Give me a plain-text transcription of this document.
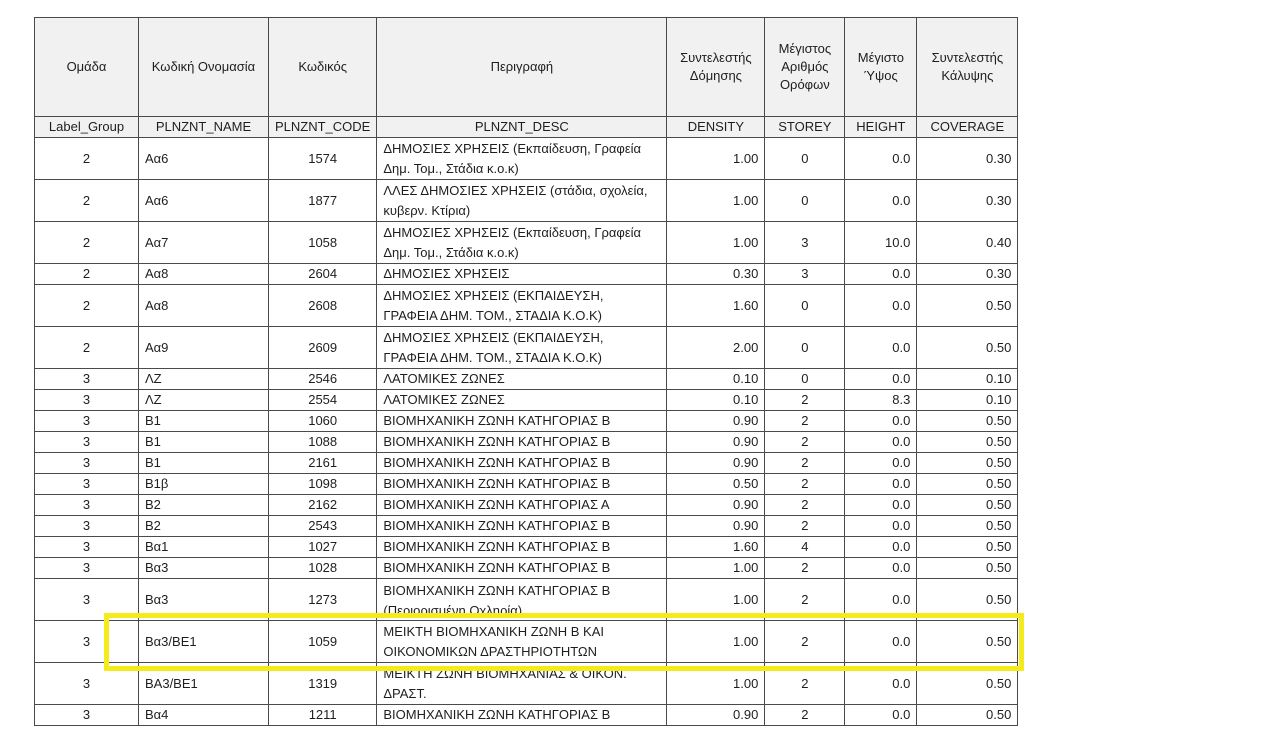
Ομάδα	Κωδική Ονομασία	Κωδικός	Περιγραφή	Συντελεστής Δόμησης	Μέγιστος Αριθμός Ορόφων	Μέγιστο Ύψος	Συντελεστής Κάλυψης
Label_Group	PLNZNT_NAME	PLNZNT_CODE	PLNZNT_DESC	DENSITY	STOREY	HEIGHT	COVERAGE
2	Αα6	1574	ΔΗΜΟΣΙΕΣ ΧΡΗΣΕΙΣ (Εκπαίδευση, Γραφεία Δημ. Τομ., Στάδια κ.ο.κ)	1.00	0	0.0	0.30
2	Αα6	1877	ΛΛΕΣ ΔΗΜΟΣΙΕΣ ΧΡΗΣΕΙΣ (στάδια, σχολεία, κυβερν. Κτίρια)	1.00	0	0.0	0.30
2	Αα7	1058	ΔΗΜΟΣΙΕΣ ΧΡΗΣΕΙΣ (Εκπαίδευση, Γραφεία Δημ. Τομ., Στάδια κ.ο.κ)	1.00	3	10.0	0.40
2	Αα8	2604	ΔΗΜΟΣΙΕΣ ΧΡΗΣΕΙΣ	0.30	3	0.0	0.30
2	Αα8	2608	ΔΗΜΟΣΙΕΣ ΧΡΗΣΕΙΣ (ΕΚΠΑΙΔΕΥΣΗ, ΓΡΑΦΕΙΑ ΔΗΜ. ΤΟΜ., ΣΤΑΔΙΑ Κ.Ο.Κ)	1.60	0	0.0	0.50
2	Αα9	2609	ΔΗΜΟΣΙΕΣ ΧΡΗΣΕΙΣ (ΕΚΠΑΙΔΕΥΣΗ, ΓΡΑΦΕΙΑ ΔΗΜ. ΤΟΜ., ΣΤΑΔΙΑ Κ.Ο.Κ)	2.00	0	0.0	0.50
3	ΛΖ	2546	ΛΑΤΟΜΙΚΕΣ ΖΩΝΕΣ	0.10	0	0.0	0.10
3	ΛΖ	2554	ΛΑΤΟΜΙΚΕΣ ΖΩΝΕΣ	0.10	2	8.3	0.10
3	Β1	1060	ΒΙΟΜΗΧΑΝΙΚΗ ΖΩΝΗ ΚΑΤΗΓΟΡΙΑΣ Β	0.90	2	0.0	0.50
3	Β1	1088	ΒΙΟΜΗΧΑΝΙΚΗ ΖΩΝΗ ΚΑΤΗΓΟΡΙΑΣ Β	0.90	2	0.0	0.50
3	Β1	2161	ΒΙΟΜΗΧΑΝΙΚΗ ΖΩΝΗ ΚΑΤΗΓΟΡΙΑΣ Β	0.90	2	0.0	0.50
3	Β1β	1098	ΒΙΟΜΗΧΑΝΙΚΗ ΖΩΝΗ ΚΑΤΗΓΟΡΙΑΣ Β	0.50	2	0.0	0.50
3	Β2	2162	ΒΙΟΜΗΧΑΝΙΚΗ ΖΩΝΗ ΚΑΤΗΓΟΡΙΑΣ Α	0.90	2	0.0	0.50
3	Β2	2543	ΒΙΟΜΗΧΑΝΙΚΗ ΖΩΝΗ ΚΑΤΗΓΟΡΙΑΣ Β	0.90	2	0.0	0.50
3	Βα1	1027	ΒΙΟΜΗΧΑΝΙΚΗ ΖΩΝΗ ΚΑΤΗΓΟΡΙΑΣ Β	1.60	4	0.0	0.50
3	Βα3	1028	ΒΙΟΜΗΧΑΝΙΚΗ ΖΩΝΗ ΚΑΤΗΓΟΡΙΑΣ Β	1.00	2	0.0	0.50
3	Βα3	1273	ΒΙΟΜΗΧΑΝΙΚΗ ΖΩΝΗ ΚΑΤΗΓΟΡΙΑΣ Β (Περιορισμένη Οχληρία)	1.00	2	0.0	0.50
3	Βα3/ΒΕ1	1059	ΜΕΙΚΤΗ ΒΙΟΜΗΧΑΝΙΚΗ ΖΩΝΗ Β ΚΑΙ ΟΙΚΟΝΟΜΙΚΩΝ ΔΡΑΣΤΗΡΙΟΤΗΤΩΝ	1.00	2	0.0	0.50
3	ΒΑ3/ΒΕ1	1319	ΜΕΙΚΤΗ ΖΩΝΗ ΒΙΟΜΗΧΑΝΙΑΣ & ΟΙΚΟΝ. ΔΡΑΣΤ.	1.00	2	0.0	0.50
3	Βα4	1211	ΒΙΟΜΗΧΑΝΙΚΗ ΖΩΝΗ ΚΑΤΗΓΟΡΙΑΣ Β	0.90	2	0.0	0.50
